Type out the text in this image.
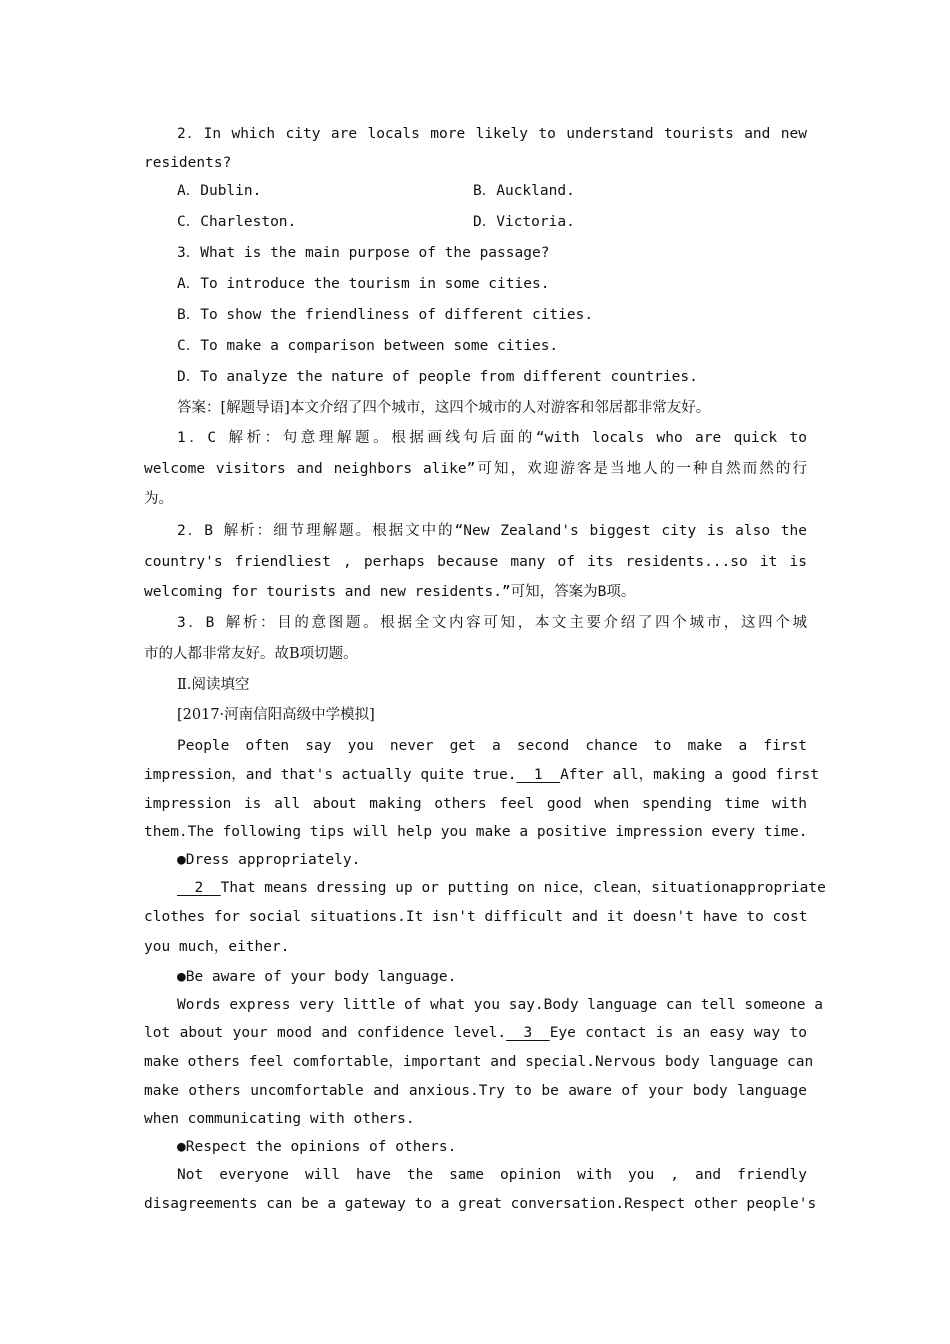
2．In which city are locals more likely to understand tourists and new
residents?
A．Dublin.	B．Auckland.
C．Charleston.	D．Victoria.
3．What is the main purpose of the passage?
A．To introduce the tourism in some cities.
B．To show the friendliness of different cities.
C．To make a comparison between some cities.
D．To analyze the nature of people from different countries.
答案：[解题导语]本文介绍了四个城市，这四个城市的人对游客和邻居都非常友好。
1．C 解析：句意理解题。根据画线句后面的“with locals who are quick to
welcome visitors and neighbors alike”可知，欢迎游客是当地人的一种自然而然的行
为。
2．B 解析：细节理解题。根据文中的“New Zealand's biggest city is also the
country's friendliest , perhaps because many of its residents...so it is
welcoming for tourists and new residents.”可知，答案为B项。
3．B 解析：目的意图题。根据全文内容可知，本文主要介绍了四个城市，这四个城
市的人都非常友好。故B项切题。
Ⅱ.阅读填空
[2017·河南信阳高级中学模拟]
People often say you never get a second chance to make a first
impression，and that's actually quite true.  1  After all，making a good first
impression is all about making others feel good when spending time with
them.The following tips will help you make a positive impression every time.
●Dress appropriately.
2  That means dressing up or putting on nice，clean，situationappropriate
clothes for social situations.It isn't difficult and it doesn't have to cost
you much，either.
●Be aware of your body language.
Words express very little of what you say.Body language can tell someone a
lot about your mood and confidence level.  3  Eye contact is an easy way to
make others feel comfortable，important and special.Nervous body language can
make others uncomfortable and anxious.Try to be aware of your body language
when communicating with others.
●Respect the opinions of others.
Not everyone will have the same opinion with you , and friendly
disagreements can be a gateway to a great conversation.Respect other people's
